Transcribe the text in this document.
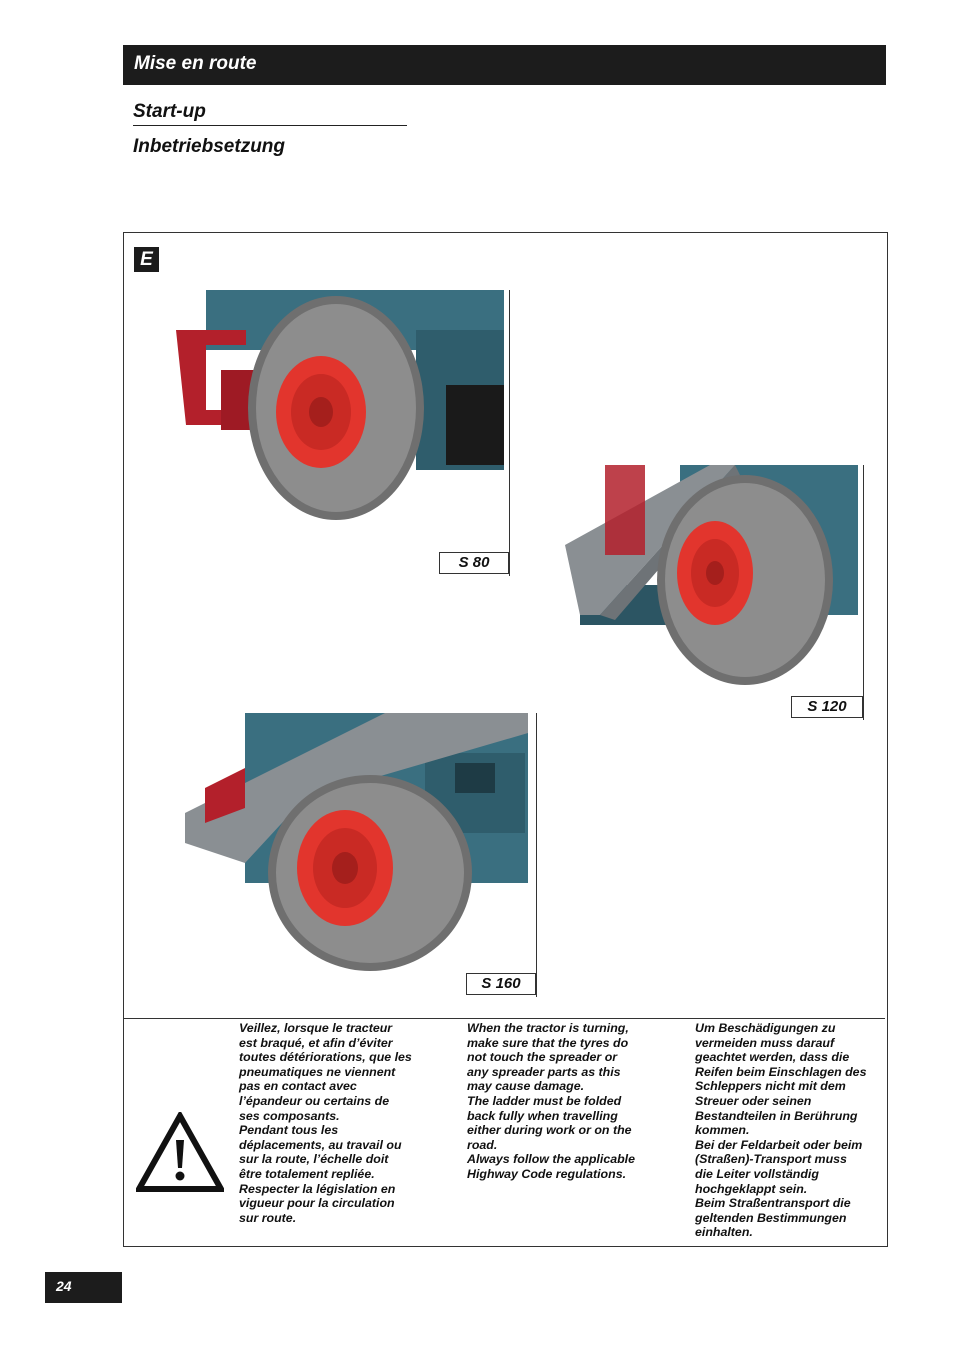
Mise en route
Start-up
Inbetriebsetzung
E
S 80
S 120
S 160
Veillez, lorsque le tracteur
est braqué, et afin d’éviter
toutes détériorations, que les
pneumatiques ne viennent
pas en contact avec
l’épandeur ou certains de
ses composants.
Pendant tous les
déplacements, au travail ou
sur la route, l’échelle doit
être totalement repliée.
Respecter la législation en
vigueur pour la circulation
sur route.
When the tractor is turning,
make sure that the tyres do
not touch the spreader or
any spreader parts as this
may cause damage.
The ladder must be folded
back fully when travelling
either during work or on the
road.
Always follow the applicable
Highway Code regulations.
Um Beschädigungen zu
vermeiden muss darauf
geachtet werden, dass die
Reifen beim Einschlagen des
Schleppers nicht mit dem
Streuer oder seinen
Bestandteilen in Berührung
kommen.
Bei der Feldarbeit oder beim
(Straßen)-Transport muss
die Leiter vollständig
hochgeklappt sein.
Beim Straßentransport die
geltenden Bestimmungen
einhalten.
24
